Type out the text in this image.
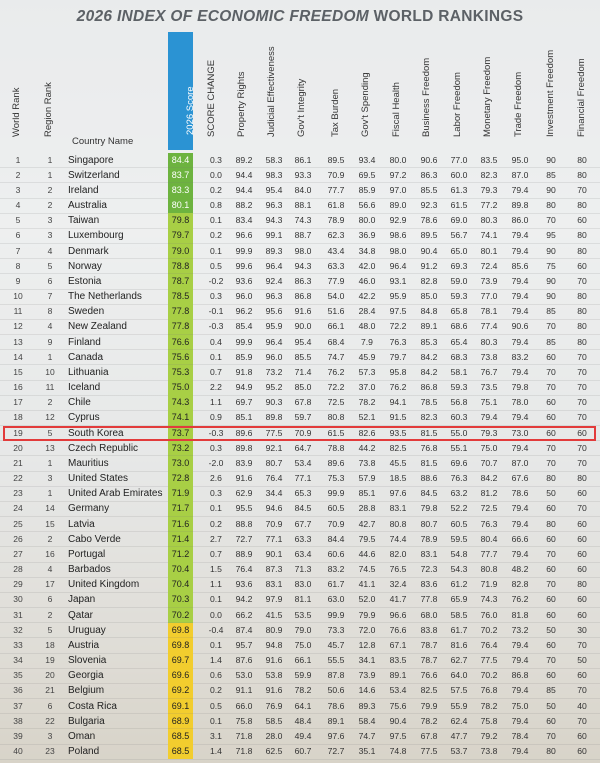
2026 INDEX OF ECONOMIC FREEDOM WORLD RANKINGS
World Rank Region Rank
Country Name
2026 Score SCORE CHANGE Property Rights Judicial Effectiveness Gov't Integrity Tax Burden Gov't Spending Fiscal Health Business Freedom Labor Freedom Monetary Freedom Trade Freedom Investment Freedom Financial Freedom
1	1	Singapore	84.4	0.3	89.2	58.3	86.1	89.5	93.4	80.0	90.6	77.0	83.5	95.0	90	80
2	1	Switzerland	83.7	0.0	94.4	98.3	93.3	70.9	69.5	97.2	86.3	60.0	82.3	87.0	85	80
3	2	Ireland	83.3	0.2	94.4	95.4	84.0	77.7	85.9	97.0	85.5	61.3	79.3	79.4	90	70
4	2	Australia	80.1	0.8	88.2	96.3	88.1	61.8	56.6	89.0	92.3	61.5	77.2	89.8	80	80
5	3	Taiwan	79.8	0.1	83.4	94.3	74.3	78.9	80.0	92.9	78.6	69.0	80.3	86.0	70	60
6	3	Luxembourg	79.7	0.2	96.6	99.1	88.7	62.3	36.9	98.6	89.5	56.7	74.1	79.4	95	80
7	4	Denmark	79.0	0.1	99.9	89.3	98.0	43.4	34.8	98.0	90.4	65.0	80.1	79.4	90	80
8	5	Norway	78.8	0.5	99.6	96.4	94.3	63.3	42.0	96.4	91.2	69.3	72.4	85.6	75	60
9	6	Estonia	78.7	-0.2	93.6	92.4	86.3	77.9	46.0	93.1	82.8	59.0	73.9	79.4	90	70
10	7	The Netherlands	78.5	0.3	96.0	96.3	86.8	54.0	42.2	95.9	85.0	59.3	77.0	79.4	90	80
11	8	Sweden	77.8	-0.1	96.2	95.6	91.6	51.6	28.4	97.5	84.8	65.8	78.1	79.4	85	80
12	4	New Zealand	77.8	-0.3	85.4	95.9	90.0	66.1	48.0	72.2	89.1	68.6	77.4	90.6	70	80
13	9	Finland	76.6	0.4	99.9	96.4	95.4	68.4	7.9	76.3	85.3	65.4	80.3	79.4	85	80
14	1	Canada	75.6	0.1	85.9	96.0	85.5	74.7	45.9	79.7	84.2	68.3	73.8	83.2	60	70
15	10	Lithuania	75.3	0.7	91.8	73.2	71.4	76.2	57.3	95.8	84.2	58.1	76.7	79.4	70	70
16	11	Iceland	75.0	2.2	94.9	95.2	85.0	72.2	37.0	76.2	86.8	59.3	73.5	79.8	70	70
17	2	Chile	74.3	1.1	69.7	90.3	67.8	72.5	78.2	94.1	78.5	56.8	75.1	78.0	60	70
18	12	Cyprus	74.1	0.9	85.1	89.8	59.7	80.8	52.1	91.5	82.3	60.3	79.4	79.4	60	70
19	5	South Korea	73.7	-0.3	89.6	77.5	70.9	61.5	82.6	93.5	81.5	55.0	79.3	73.0	60	60
20	13	Czech Republic	73.2	0.3	89.8	92.1	64.7	78.8	44.2	82.5	76.8	55.1	75.0	79.4	70	70
21	1	Mauritius	73.0	-2.0	83.9	80.7	53.4	89.6	73.8	45.5	81.5	69.6	70.7	87.0	70	70
22	3	United States	72.8	2.6	91.6	76.4	77.1	75.3	57.9	18.5	88.6	76.3	84.2	67.6	80	80
23	1	United Arab Emirates	71.9	0.3	62.9	34.4	65.3	99.9	85.1	97.6	84.5	63.2	81.2	78.6	50	60
24	14	Germany	71.7	0.1	95.5	94.6	84.5	60.5	28.8	83.1	79.8	52.2	72.5	79.4	60	70
25	15	Latvia	71.6	0.2	88.8	70.9	67.7	70.9	42.7	80.8	80.7	60.5	76.3	79.4	80	60
26	2	Cabo Verde	71.4	2.7	72.7	77.1	63.3	84.4	79.5	74.4	78.9	59.5	80.4	66.6	60	60
27	16	Portugal	71.2	0.7	88.9	90.1	63.4	60.6	44.6	82.0	83.1	54.8	77.7	79.4	70	60
28	4	Barbados	70.4	1.5	76.4	87.3	71.3	83.2	74.5	76.5	72.3	54.3	80.8	48.2	60	60
29	17	United Kingdom	70.4	1.1	93.6	83.1	83.0	61.7	41.1	32.4	83.6	61.2	71.9	82.8	70	80
30	6	Japan	70.3	0.1	94.2	97.9	81.1	63.0	52.0	41.7	77.8	65.9	74.3	76.2	60	60
31	2	Qatar	70.2	0.0	66.2	41.5	53.5	99.9	79.9	96.6	68.0	58.5	76.0	81.8	60	60
32	5	Uruguay	69.8	-0.4	87.4	80.9	79.0	73.3	72.0	76.6	83.8	61.7	70.2	73.2	50	30
33	18	Austria	69.8	0.1	95.7	94.8	75.0	45.7	12.8	67.1	78.7	81.6	76.4	79.4	60	70
34	19	Slovenia	69.7	1.4	87.6	91.6	66.1	55.5	34.1	83.5	78.7	62.7	77.5	79.4	70	50
35	20	Georgia	69.6	0.6	53.0	53.8	59.9	87.8	73.9	89.1	76.6	64.0	70.2	86.8	60	60
36	21	Belgium	69.2	0.2	91.1	91.6	78.2	50.6	14.6	53.4	82.5	57.5	76.8	79.4	85	70
37	6	Costa Rica	69.1	0.5	66.0	76.9	64.1	78.6	89.3	75.6	79.9	55.9	78.2	75.0	50	40
38	22	Bulgaria	68.9	0.1	75.8	58.5	48.4	89.1	58.4	90.4	78.2	62.4	75.8	79.4	60	70
39	3	Oman	68.5	3.1	71.8	28.0	49.4	97.6	74.7	97.5	67.8	47.7	79.2	78.4	70	60
40	23	Poland	68.5	1.4	71.8	62.5	60.7	72.7	35.1	74.8	77.5	53.7	73.8	79.4	80	60
